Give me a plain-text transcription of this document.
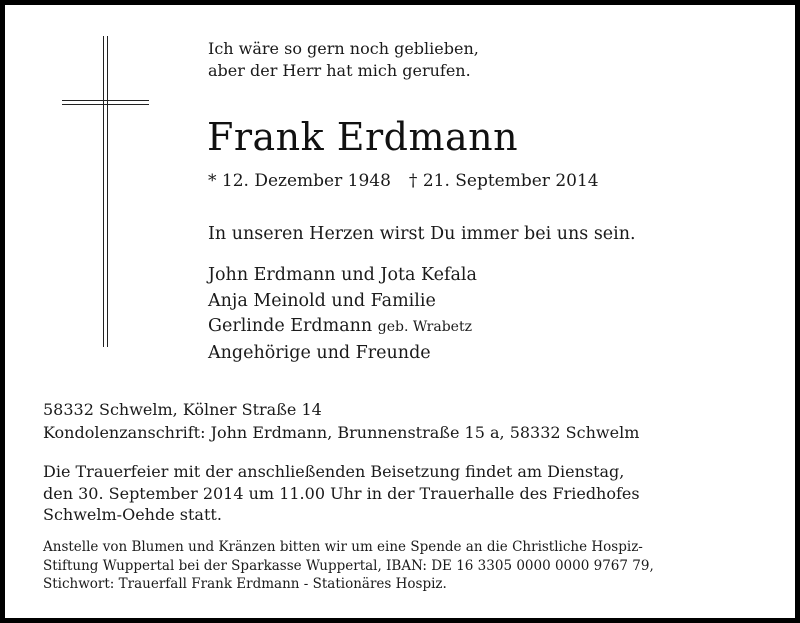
Ich wäre so gern noch geblieben,
aber der Herr hat mich gerufen.
Frank Erdmann
* 12. Dezember 1948 † 21. September 2014
In unseren Herzen wirst Du immer bei uns sein.
John Erdmann und Jota Kefala
Anja Meinold und Familie
Gerlinde Erdmann geb. Wrabetz
Angehörige und Freunde
58332 Schwelm, Kölner Straße 14
Kondolenzanschrift: John Erdmann, Brunnenstraße 15 a, 58332 Schwelm
Die Trauerfeier mit der anschließenden Beisetzung findet am Dienstag,
den 30. September 2014 um 11.00 Uhr in der Trauerhalle des Friedhofes
Schwelm-Oehde statt.
Anstelle von Blumen und Kränzen bitten wir um eine Spende an die Christliche Hospiz-
Stiftung Wuppertal bei der Sparkasse Wuppertal, IBAN: DE 16 3305 0000 0000 9767 79,
Stichwort: Trauerfall Frank Erdmann - Stationäres Hospiz.
